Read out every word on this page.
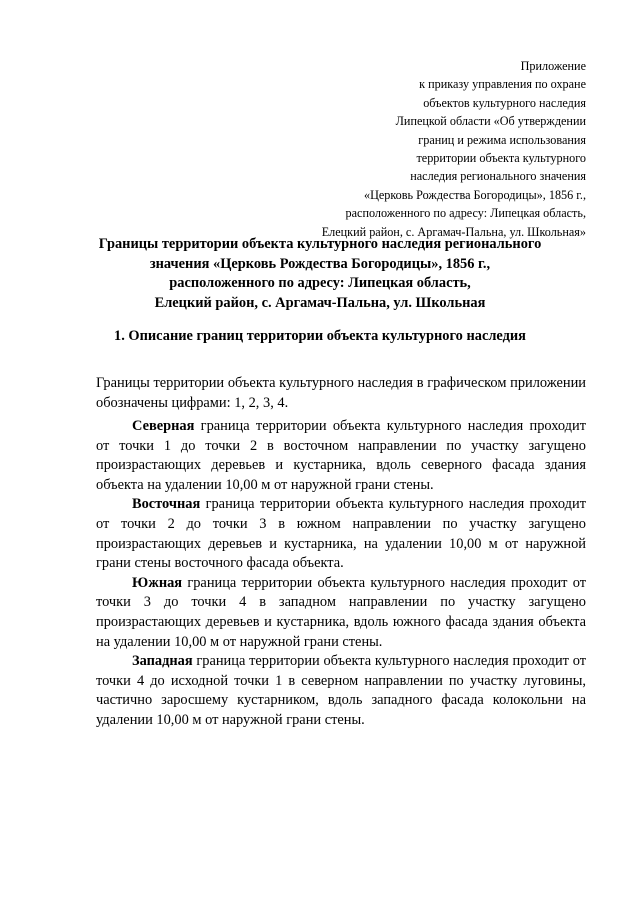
Приложение
к приказу управления по охране
объектов культурного наследия
Липецкой области «Об утверждении
границ и режима использования
территории объекта культурного
наследия регионального значения
«Церковь Рождества Богородицы», 1856 г.,
расположенного по адресу: Липецкая область,
Елецкий район, с. Аргамач-Пальна, ул. Школьная»
Границы территории объекта культурного наследия регионального
значения «Церковь Рождества Богородицы», 1856 г.,
расположенного по адресу: Липецкая область,
Елецкий район, с. Аргамач-Пальна, ул. Школьная
1. Описание границ территории объекта культурного наследия

Границы территории объекта культурного наследия в графическом приложении обозначены цифрами: 1, 2, 3, 4.

Северная граница территории объекта культурного наследия проходит от точки 1 до точки 2 в восточном направлении по участку загущено произрастающих деревьев и кустарника, вдоль северного фасада здания объекта на удалении 10,00 м от наружной грани стены.

Восточная граница территории объекта культурного наследия проходит от точки 2 до точки 3 в южном направлении по участку загущено произрастающих деревьев и кустарника, на удалении 10,00 м от наружной грани стены восточного фасада объекта.

Южная граница территории объекта культурного наследия проходит от точки 3 до точки 4 в западном направлении по участку загущено произрастающих деревьев и кустарника, вдоль южного фасада здания объекта на удалении 10,00 м от наружной грани стены.

Западная граница территории объекта культурного наследия проходит от точки 4 до исходной точки 1 в северном направлении по участку луговины, частично заросшему кустарником, вдоль западного фасада колокольни на удалении 10,00 м от наружной грани стены.
